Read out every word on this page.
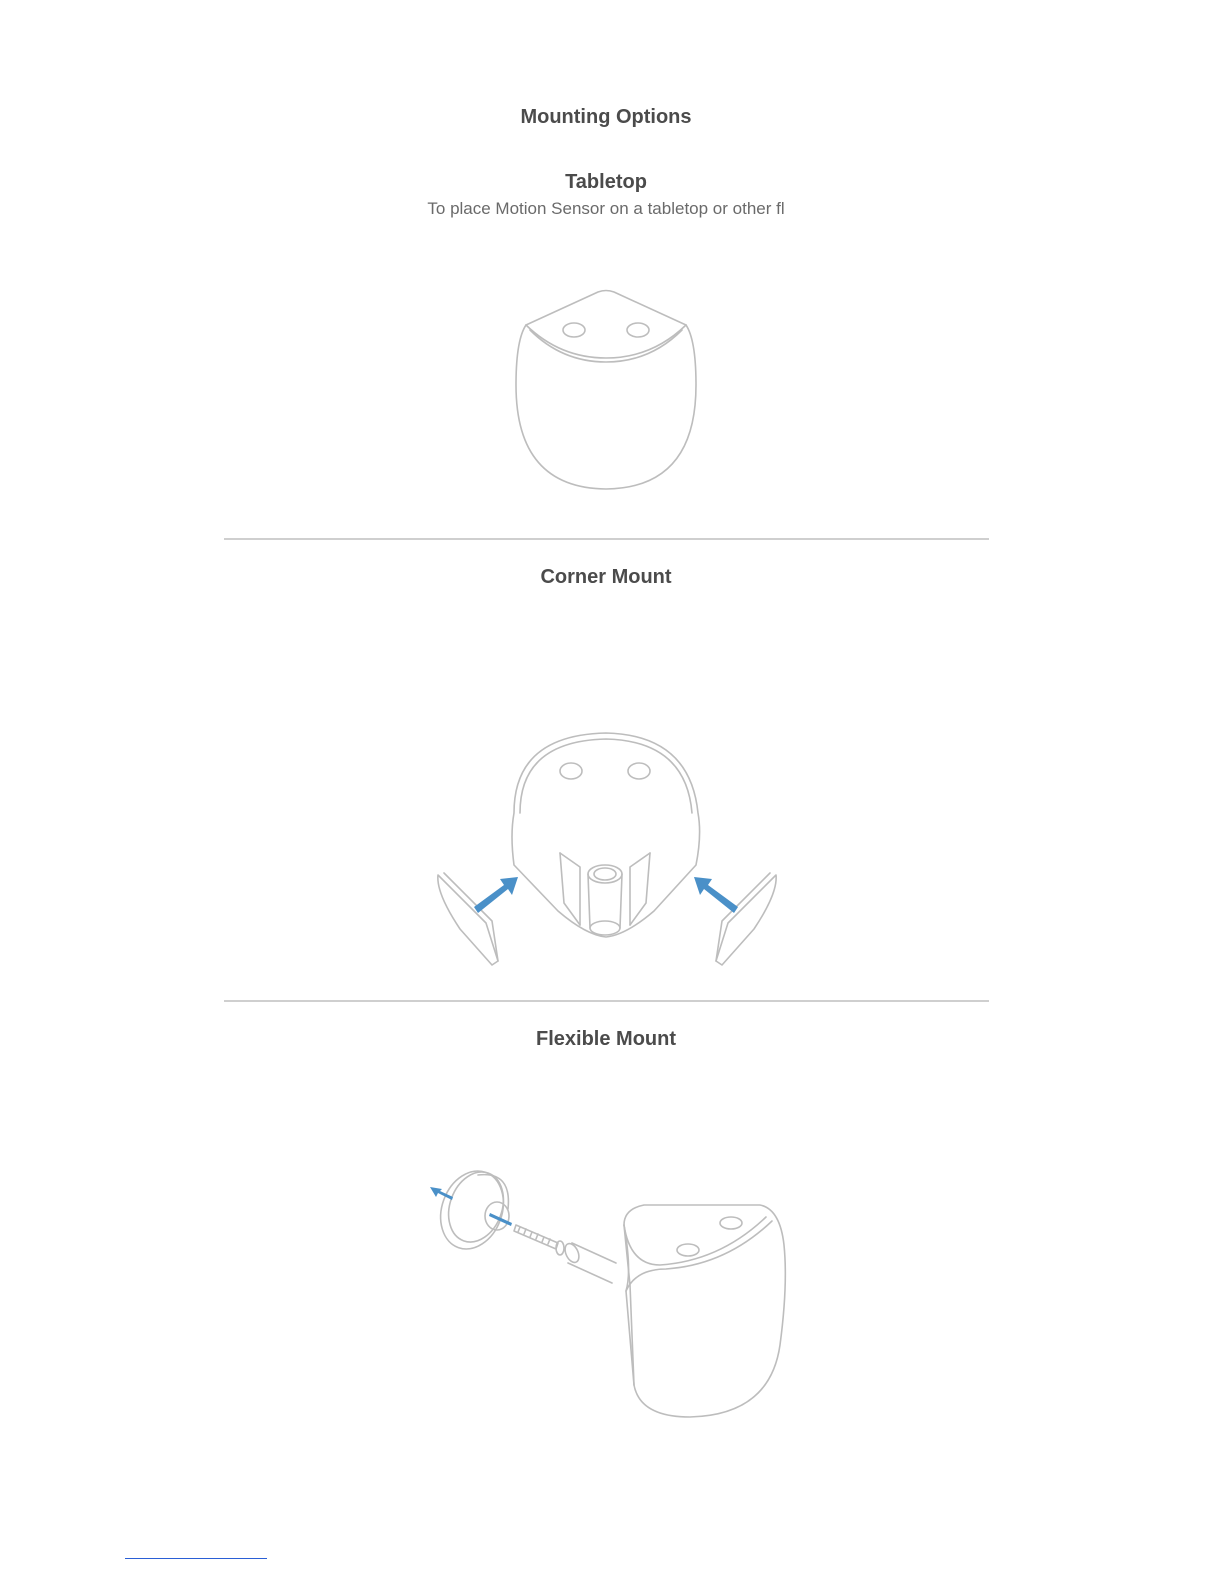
Mounting Options
Tabletop

To place Motion Sensor on a tabletop or other fl

Corner Mount
Flexible Mount
